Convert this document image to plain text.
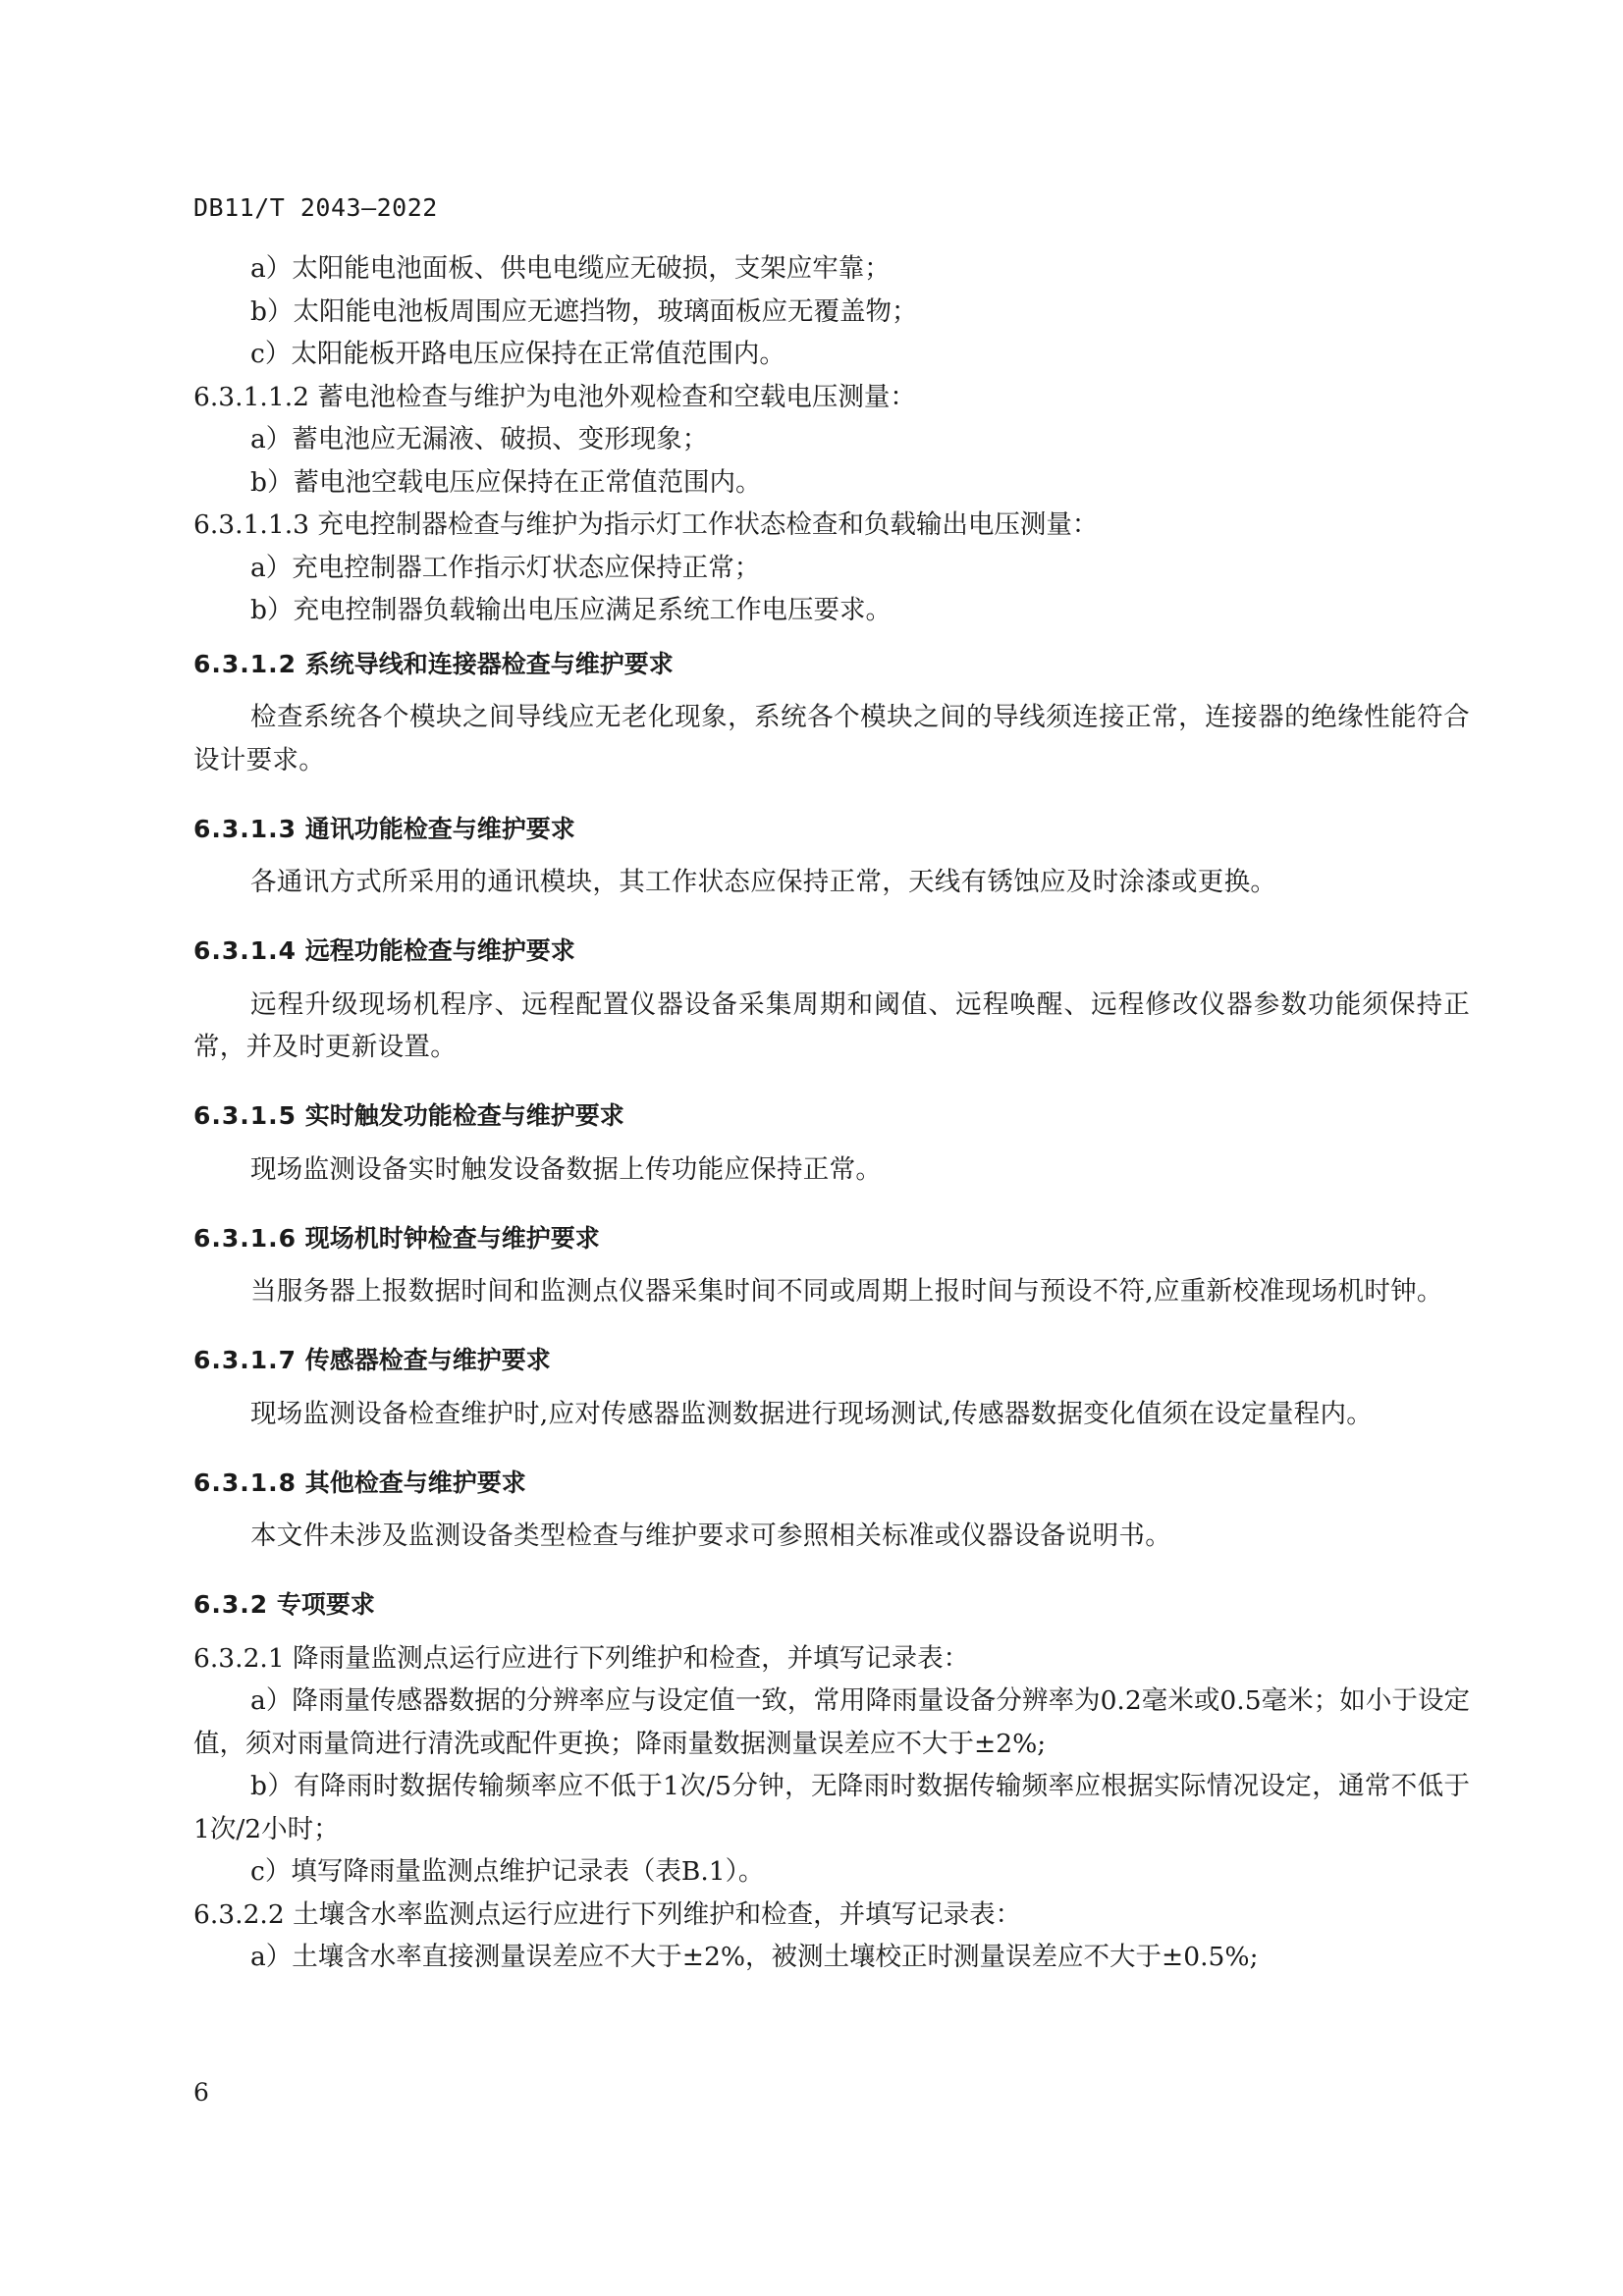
DB11/T 2043—2022

a）太阳能电池面板、供电电缆应无破损，支架应牢靠；

b）太阳能电池板周围应无遮挡物，玻璃面板应无覆盖物；

c）太阳能板开路电压应保持在正常值范围内。

6.3.1.1.2 蓄电池检查与维护为电池外观检查和空载电压测量：

a）蓄电池应无漏液、破损、变形现象；

b）蓄电池空载电压应保持在正常值范围内。

6.3.1.1.3 充电控制器检查与维护为指示灯工作状态检查和负载输出电压测量：

a）充电控制器工作指示灯状态应保持正常；

b）充电控制器负载输出电压应满足系统工作电压要求。

6.3.1.2 系统导线和连接器检查与维护要求

检查系统各个模块之间导线应无老化现象，系统各个模块之间的导线须连接正常，连接器的绝缘性能符合设计要求。

6.3.1.3 通讯功能检查与维护要求

各通讯方式所采用的通讯模块，其工作状态应保持正常，天线有锈蚀应及时涂漆或更换。

6.3.1.4 远程功能检查与维护要求

远程升级现场机程序、远程配置仪器设备采集周期和阈值、远程唤醒、远程修改仪器参数功能须保持正常，并及时更新设置。

6.3.1.5 实时触发功能检查与维护要求

现场监测设备实时触发设备数据上传功能应保持正常。

6.3.1.6 现场机时钟检查与维护要求

当服务器上报数据时间和监测点仪器采集时间不同或周期上报时间与预设不符,应重新校准现场机时钟。

6.3.1.7 传感器检查与维护要求

现场监测设备检查维护时,应对传感器监测数据进行现场测试,传感器数据变化值须在设定量程内。

6.3.1.8 其他检查与维护要求

本文件未涉及监测设备类型检查与维护要求可参照相关标准或仪器设备说明书。

6.3.2 专项要求

6.3.2.1 降雨量监测点运行应进行下列维护和检查，并填写记录表：

a）降雨量传感器数据的分辨率应与设定值一致，常用降雨量设备分辨率为0.2毫米或0.5毫米；如小于设定值，须对雨量筒进行清洗或配件更换；降雨量数据测量误差应不大于±2%;

b）有降雨时数据传输频率应不低于1次/5分钟，无降雨时数据传输频率应根据实际情况设定，通常不低于1次/2小时；

c）填写降雨量监测点维护记录表（表B.1）。

6.3.2.2 土壤含水率监测点运行应进行下列维护和检查，并填写记录表：

a）土壤含水率直接测量误差应不大于±2%，被测土壤校正时测量误差应不大于±0.5%;

6
